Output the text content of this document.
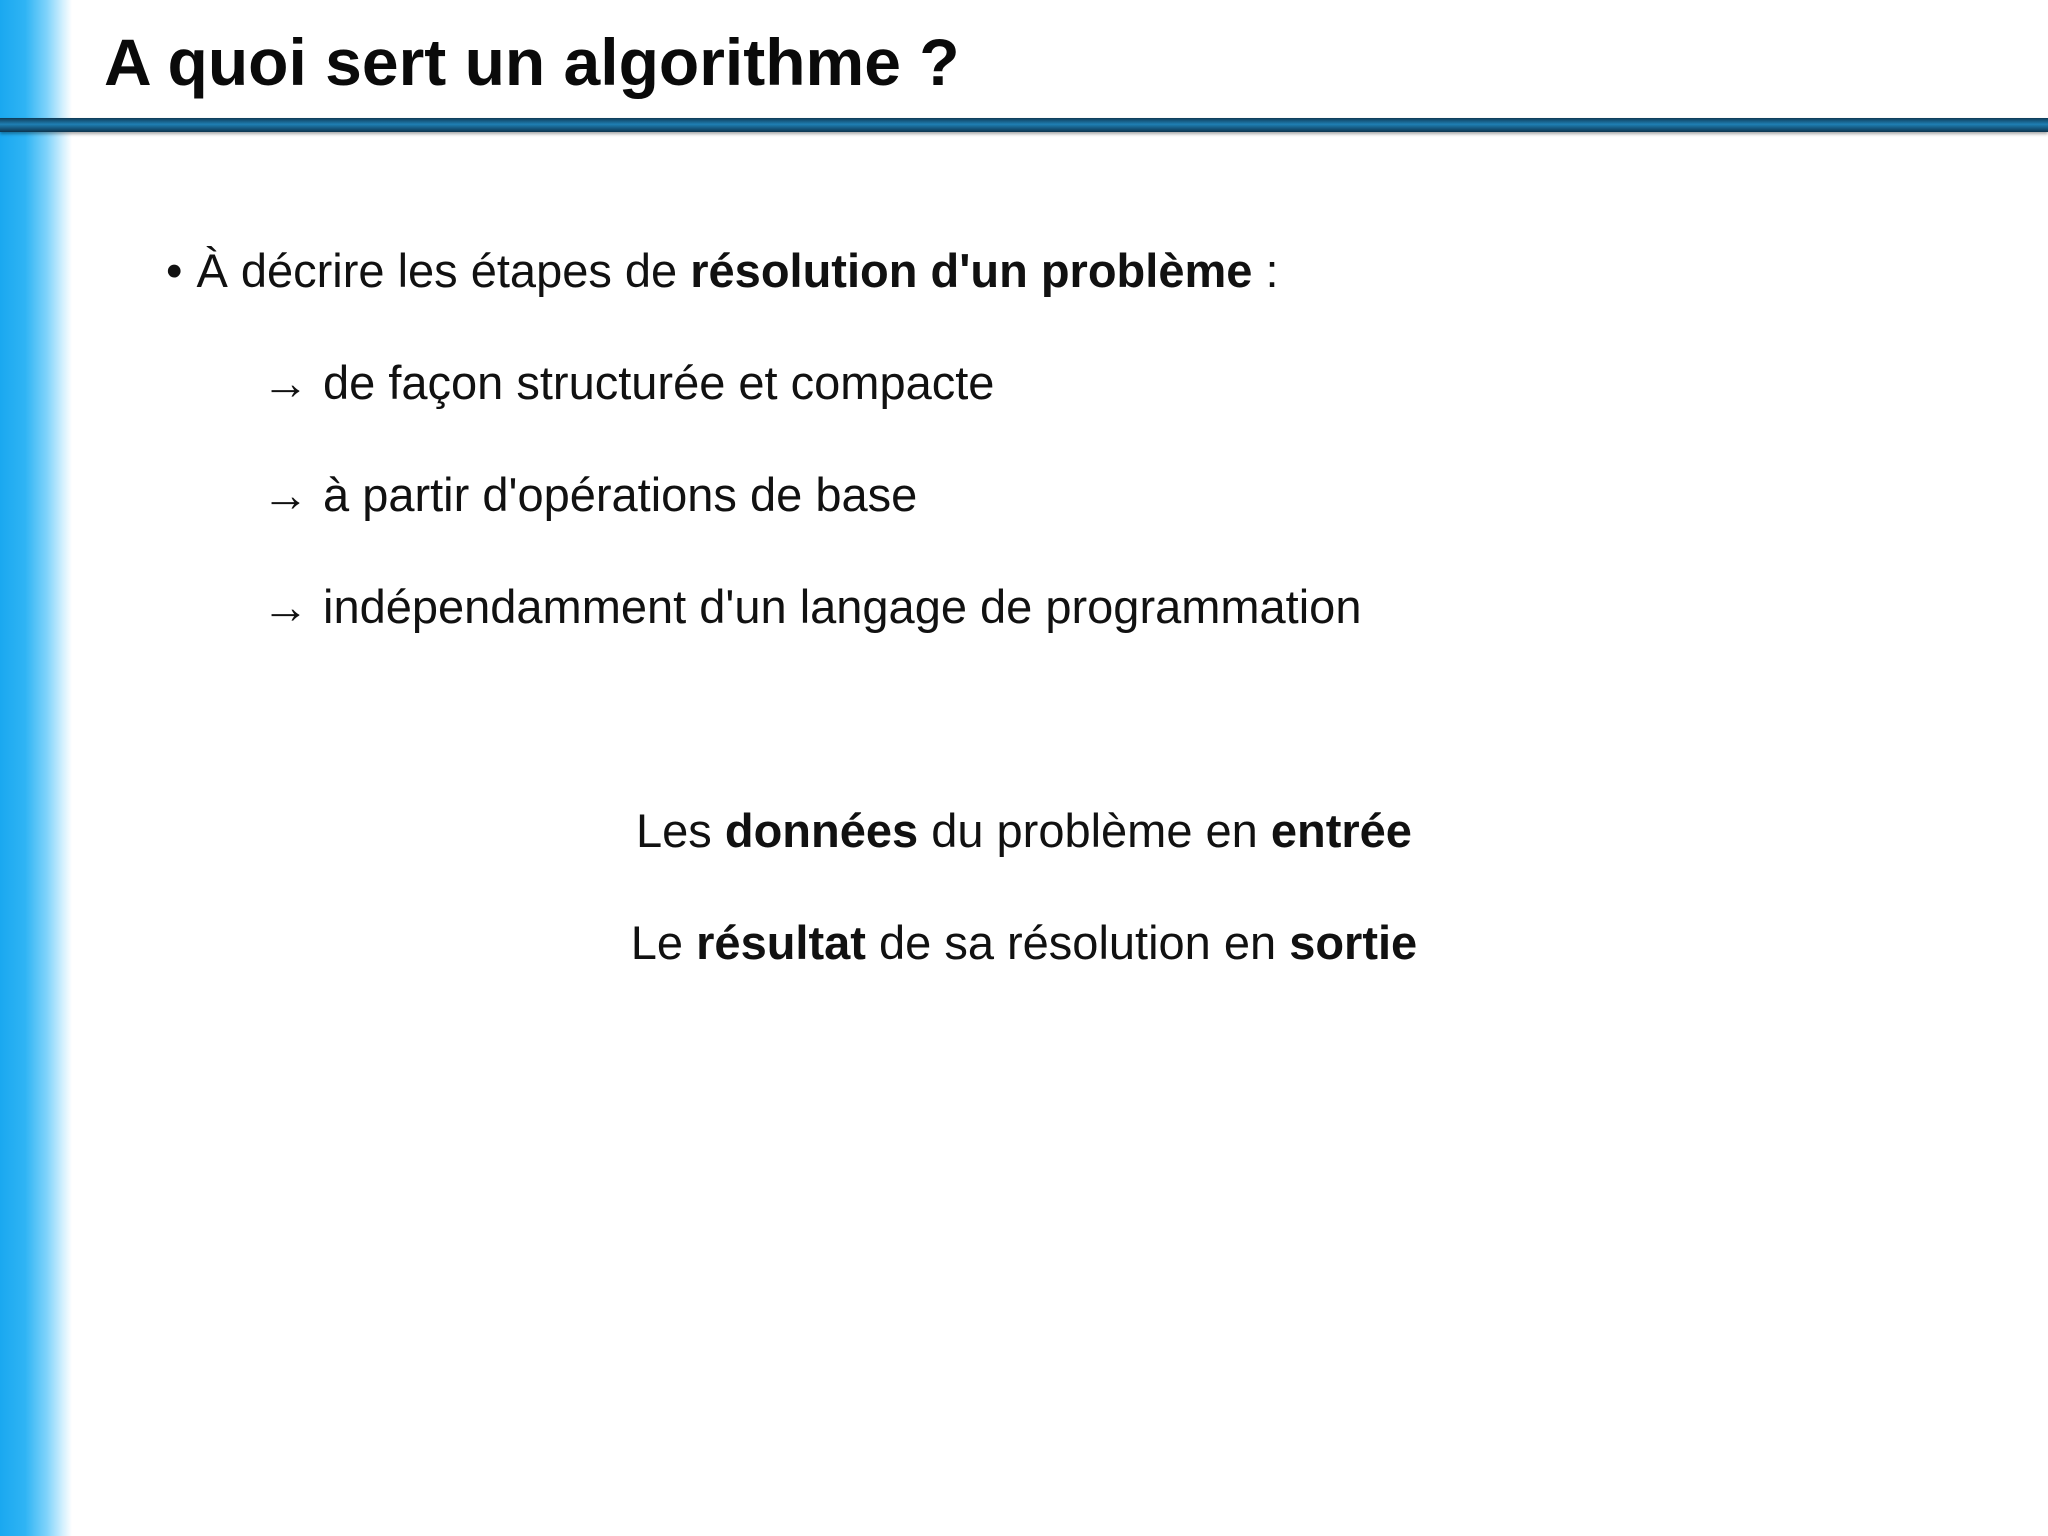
A quoi sert un algorithme ?
• À décrire les étapes de résolution d'un problème :
→ de façon structurée et compacte
→ à partir d'opérations de base
→ indépendamment d'un langage de programmation
Les données du problème en entrée
Le résultat de sa résolution en sortie
